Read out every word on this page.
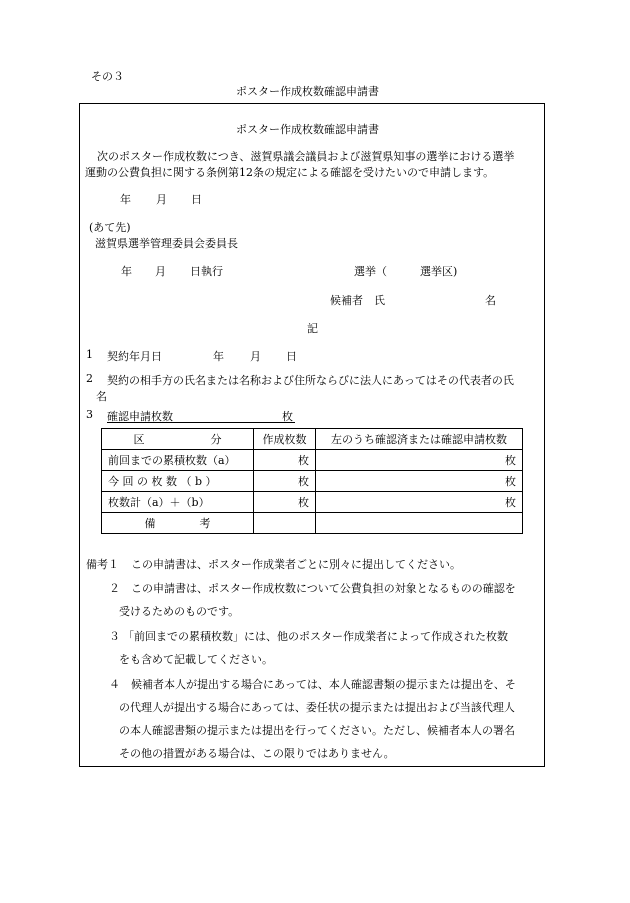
その３
ポスター作成枚数確認申請書
ポスター作成枚数確認申請書
次のポスター作成枚数につき、滋賀県議会議員および滋賀県知事の選挙における選挙
運動の公費負担に関する条例第12条の規定による確認を受けたいので申請します。
年 月 日
(あて先)
滋賀県選挙管理委員会委員長
年 月 日執行	選挙（　　　選挙区)
候補者　氏	名
記
1 契約年月日	年 月 日
2 契約の相手方の氏名または名称および住所ならびに法人にあってはその代表者の氏
名
3 確認申請枚数	枚
区　　　　　　分	作成枚数	左のうち確認済または確認申請枚数
前回までの累積枚数（a）	枚	枚
今 回 の 枚 数 （ b ）	枚	枚
枚数計（a）＋（b）	枚	枚
備　　　　考		
備考１ この申請書は、ポスター作成業者ごとに別々に提出してください。
２ この申請書は、ポスター作成枚数について公費負担の対象となるものの確認を
受けるためのものです。
３ 「前回までの累積枚数」には、他のポスター作成業者によって作成された枚数
をも含めて記載してください。
４ 候補者本人が提出する場合にあっては、本人確認書類の提示または提出を、そ
の代理人が提出する場合にあっては、委任状の提示または提出および当該代理人
の本人確認書類の提示または提出を行ってください。ただし、候補者本人の署名
その他の措置がある場合は、この限りではありません。
